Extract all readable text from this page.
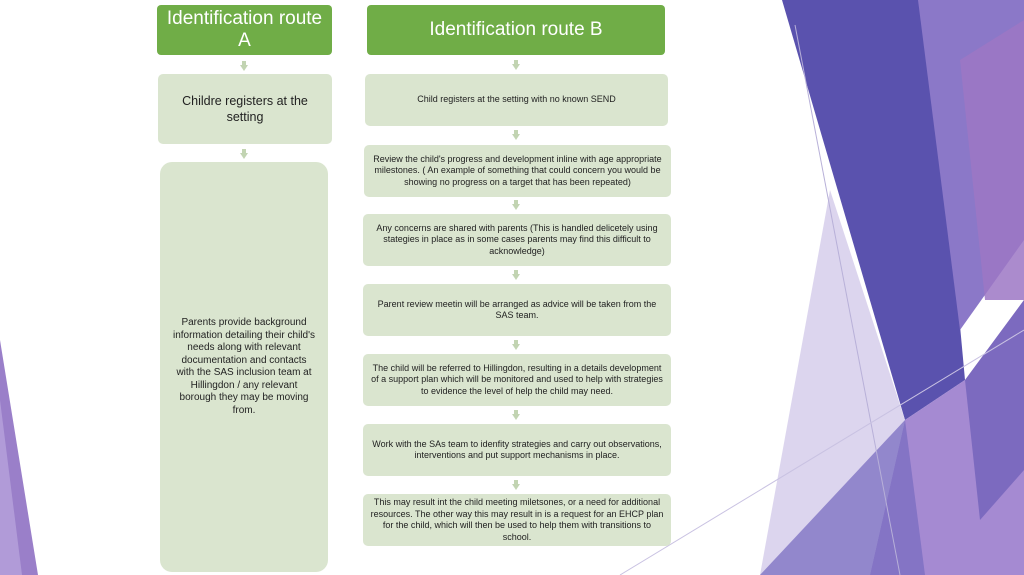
Identification route A
Childre registers at the setting
Parents provide background information detailing their child's needs along with relevant documentation and contacts with the SAS inclusion team at Hillingdon / any relevant borough they may be moving from.
Identification route B
Child registers at the setting with no known SEND
Review the child's progress and development inline with age appropriate milestones. ( An example of something that could concern you would be showing no progress on a target that has been repeated)
Any concerns are shared with parents (This is handled delicetely using stategies in place as in some cases parents may find this difficult to acknowledge)
Parent review meetin will be arranged as advice will be taken from the SAS team.
The child will be referred to Hillingdon, resulting in a details development of a support plan which will be monitored and used to help with strategies to evidence the level of help the child may need.
Work with the SAs team to idenfity strategies and carry out observations, interventions and put support mechanisms in place.
This may result int the child meeting miletsones, or a need for additional resources. The other way this may result in is a request for an EHCP plan for the child, which will then be used to help them with transitions to school.
